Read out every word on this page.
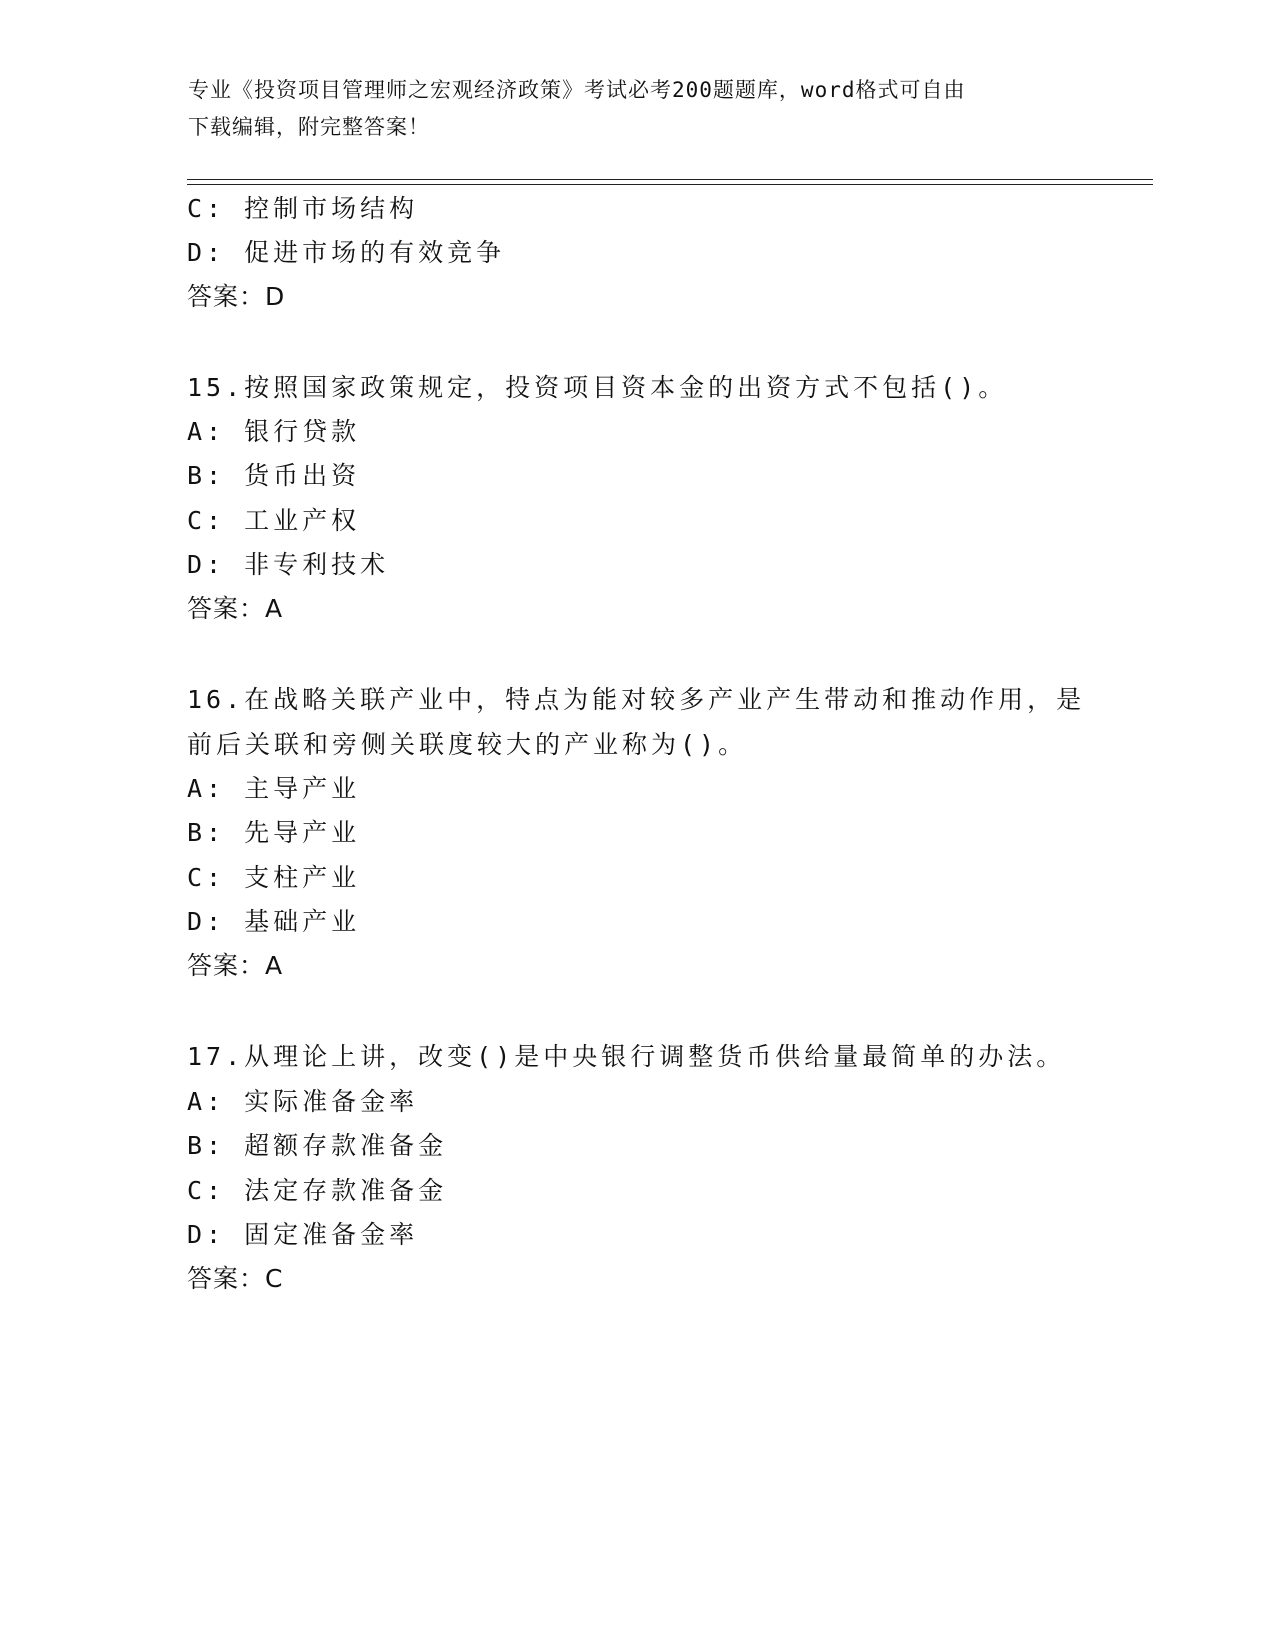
专业《投资项目管理师之宏观经济政策》考试必考200题题库，word格式可自由
下载编辑，附完整答案！
C: 控制市场结构
D: 促进市场的有效竞争
答案：D
15.按照国家政策规定，投资项目资本金的出资方式不包括()。
A: 银行贷款
B: 货币出资
C: 工业产权
D: 非专利技术
答案：A
16.在战略关联产业中，特点为能对较多产业产生带动和推动作用，是
前后关联和旁侧关联度较大的产业称为()。
A: 主导产业
B: 先导产业
C: 支柱产业
D: 基础产业
答案：A
17.从理论上讲，改变()是中央银行调整货币供给量最简单的办法。
A: 实际准备金率
B: 超额存款准备金
C: 法定存款准备金
D: 固定准备金率
答案：C
